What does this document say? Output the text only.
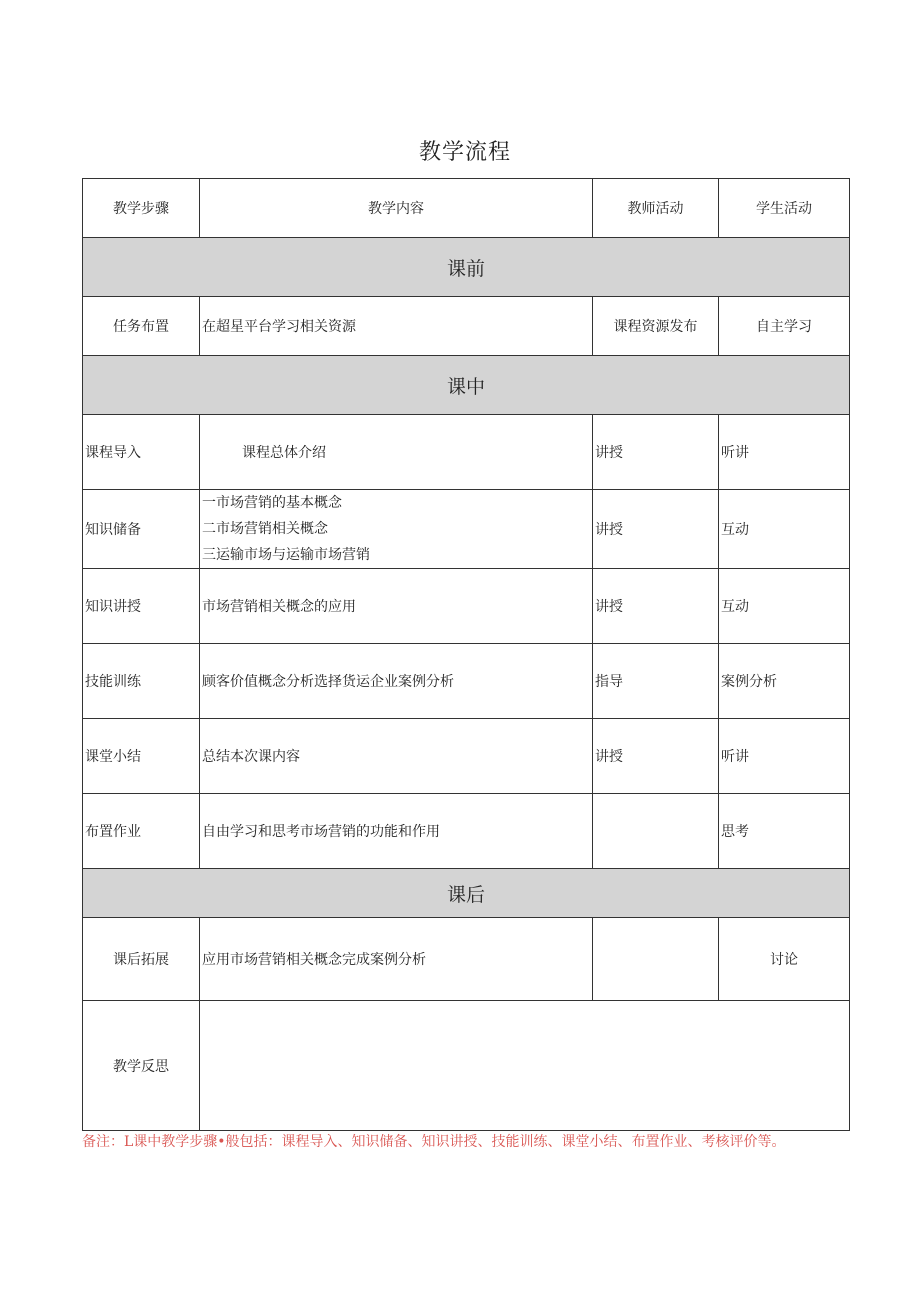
教学流程
教学步骤	教学内容	教师活动	学生活动
课前			
任务布置	在超星平台学习相关资源	课程资源发布	自主学习
课中			
课程导入	课程总体介绍	讲授	听讲
知识储备	一市场营销的基本概念
二市场营销相关概念
三运输市场与运输市场营销	讲授	互动
知识讲授	市场营销相关概念的应用	讲授	互动
技能训练	顾客价值概念分析选择货运企业案例分析	指导	案例分析
课堂小结	总结本次课内容	讲授	听讲
布置作业	自由学习和思考市场营销的功能和作用		思考
课后			
课后拓展	应用市场营销相关概念完成案例分析		讨论
教学反思			
备注：L课中教学步骤•般包括：课程导入、知识储备、知识讲授、技能训练、课堂小结、布置作业、考核评价等。
